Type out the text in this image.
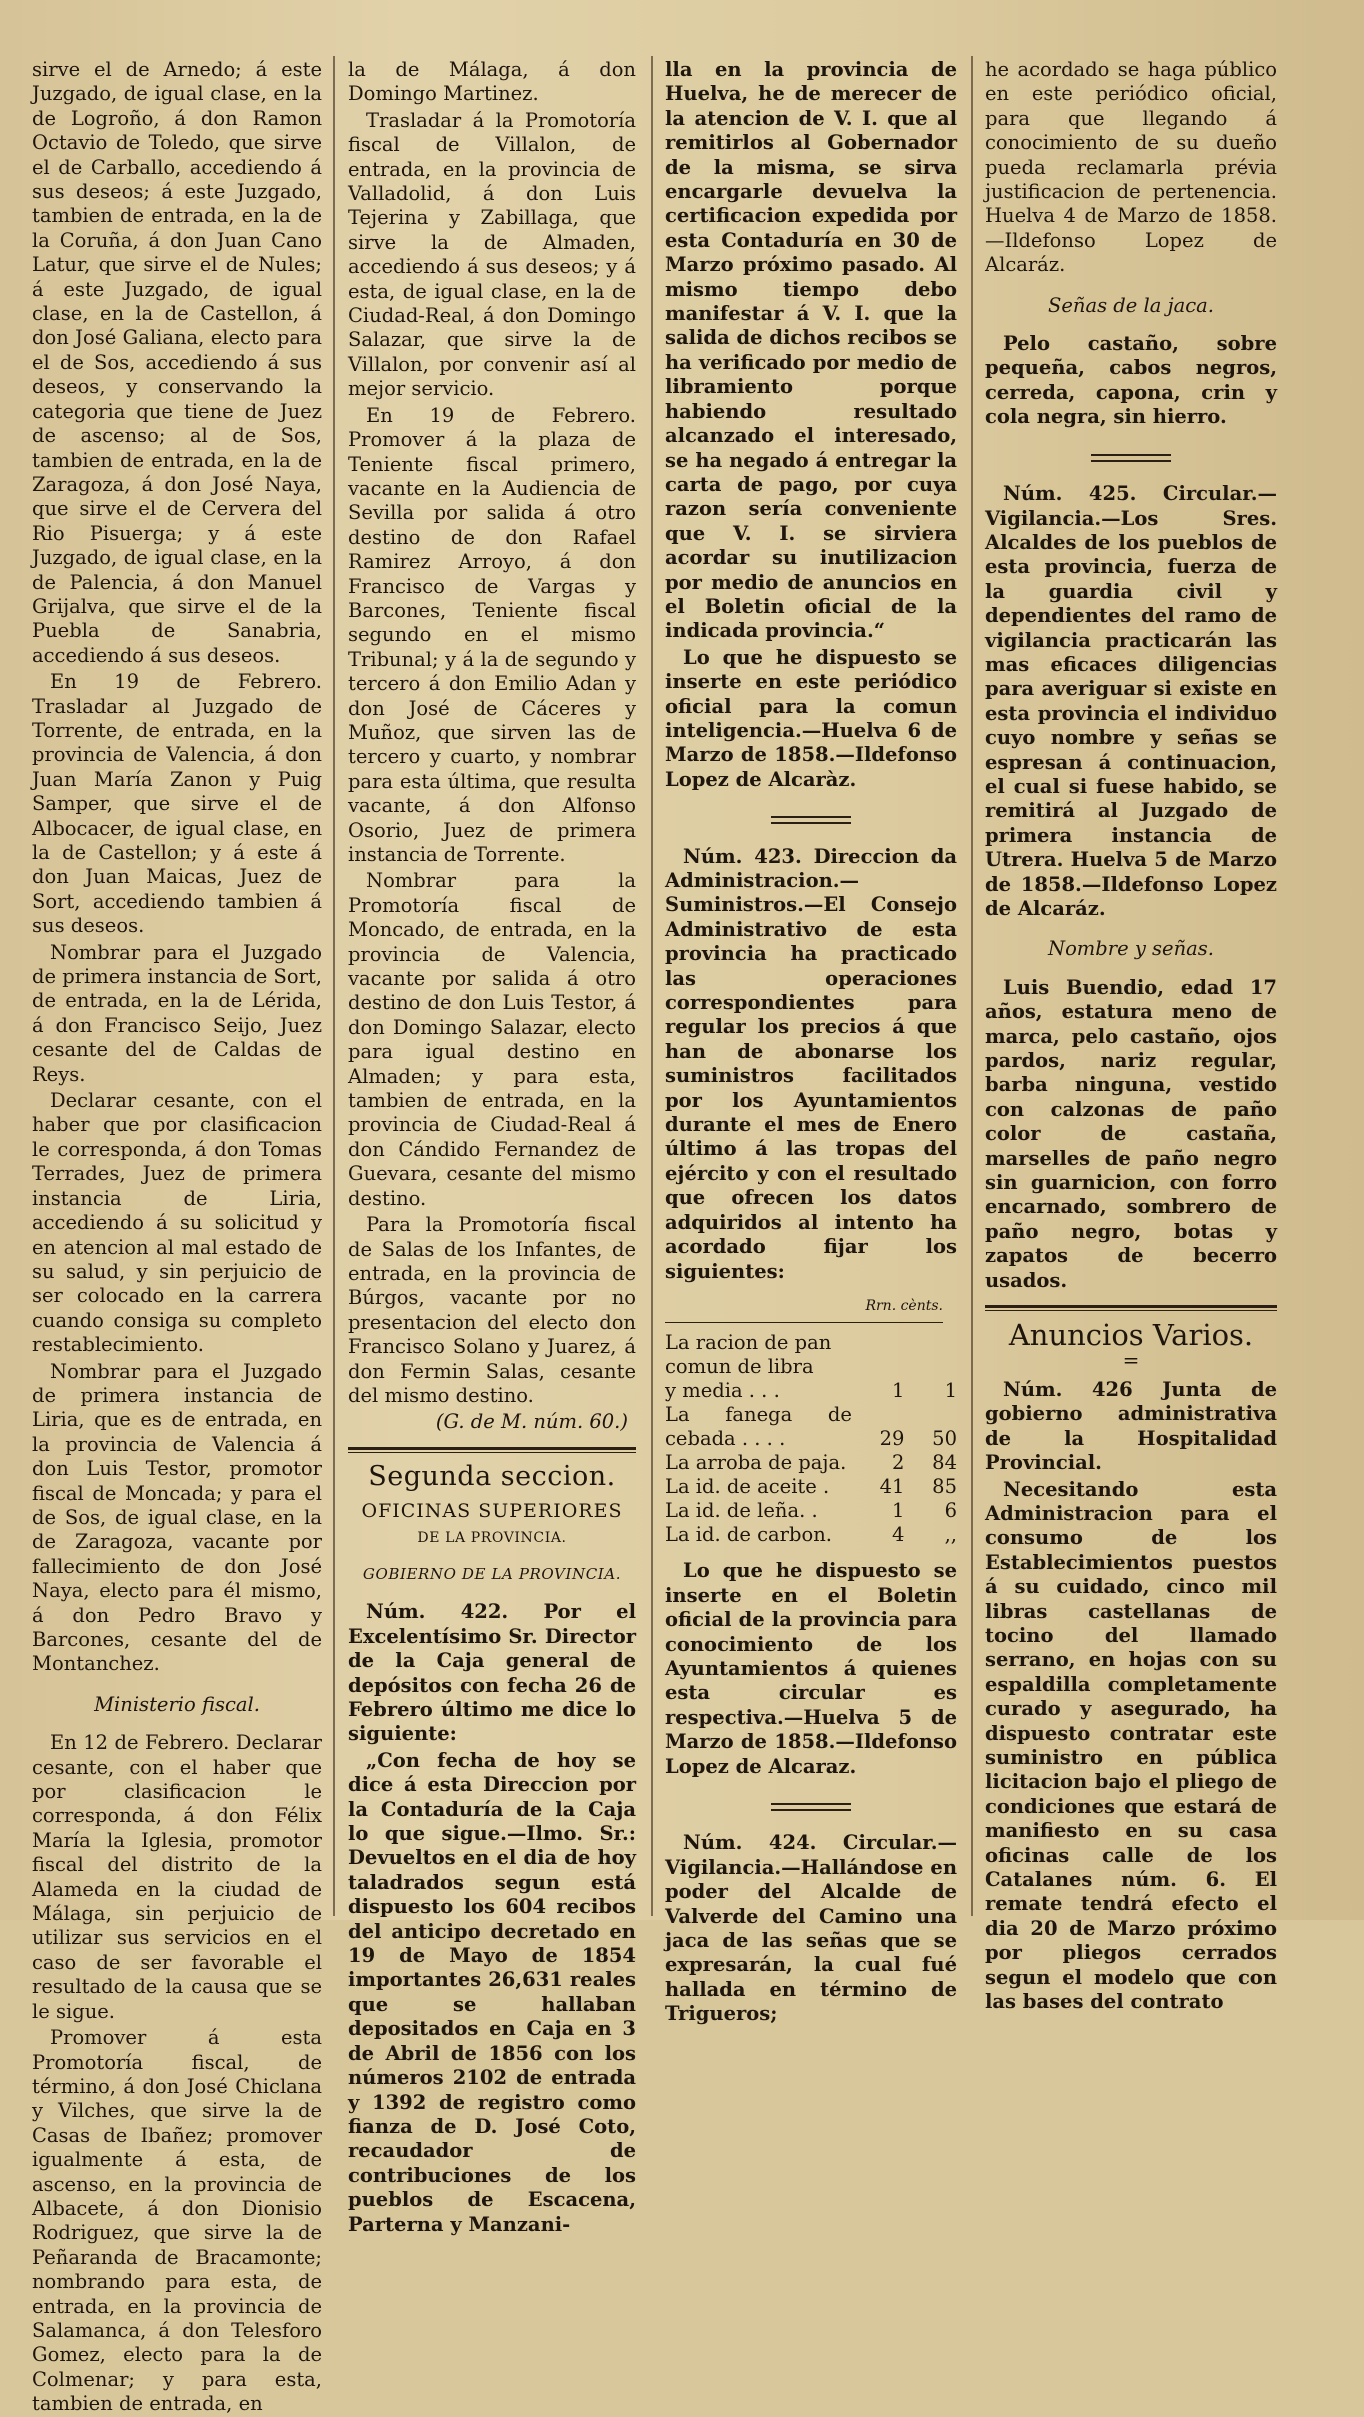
sirve el de Arnedo; á este Juzgado, de igual clase, en la de Logroño, á don Ramon Octavio de Toledo, que sirve el de Carballo, accediendo á sus deseos; á este Juzgado, tambien de entrada, en la de la Coruña, á don Juan Cano Latur, que sirve el de Nules; á este Juzgado, de igual clase, en la de Castellon, á don José Galiana, electo para el de Sos, accediendo á sus deseos, y conservando la categoria que tiene de Juez de ascenso; al de Sos, tambien de entrada, en la de Zaragoza, á don José Naya, que sirve el de Cervera del Rio Pisuerga; y á este Juzgado, de igual clase, en la de Palencia, á don Manuel Grijalva, que sirve el de la Puebla de Sanabria, accediendo á sus deseos.

En 19 de Febrero. Trasladar al Juzgado de Torrente, de entrada, en la provincia de Valencia, á don Juan María Zanon y Puig Samper, que sirve el de Albocacer, de igual clase, en la de Castellon; y á este á don Juan Maicas, Juez de Sort, accediendo tambien á sus deseos.

Nombrar para el Juzgado de primera instancia de Sort, de entrada, en la de Lérida, á don Francisco Seijo, Juez cesante del de Caldas de Reys.

Declarar cesante, con el haber que por clasificacion le corresponda, á don Tomas Terrades, Juez de primera instancia de Liria, accediendo á su solicitud y en atencion al mal estado de su salud, y sin perjuicio de ser colocado en la carrera cuando consiga su completo restablecimiento.

Nombrar para el Juzgado de primera instancia de Liria, que es de entrada, en la provincia de Valencia á don Luis Testor, promotor fiscal de Moncada; y para el de Sos, de igual clase, en la de Zaragoza, vacante por fallecimiento de don José Naya, electo para él mismo, á don Pedro Bravo y Barcones, cesante del de Montanchez.

Ministerio fiscal.

En 12 de Febrero. Declarar cesante, con el haber que por clasificacion le corresponda, á don Félix María la Iglesia, promotor fiscal del distrito de la Alameda en la ciudad de Málaga, sin perjuicio de utilizar sus servicios en el caso de ser favorable el resultado de la causa que se le sigue.

Promover á esta Promotoría fiscal, de término, á don José Chiclana y Vilches, que sirve la de Casas de Ibañez; promover igualmente á esta, de ascenso, en la provincia de Albacete, á don Dionisio Rodriguez, que sirve la de Peñaranda de Bracamonte; nombrando para esta, de entrada, en la provincia de Salamanca, á don Telesforo Gomez, electo para la de Colmenar; y para esta, tambien de entrada, en

la de Málaga, á don Domingo Martinez.

Trasladar á la Promotoría fiscal de Villalon, de entrada, en la provincia de Valladolid, á don Luis Tejerina y Zabillaga, que sirve la de Almaden, accediendo á sus deseos; y á esta, de igual clase, en la de Ciudad-Real, á don Domingo Salazar, que sirve la de Villalon, por convenir así al mejor servicio.

En 19 de Febrero. Promover á la plaza de Teniente fiscal primero, vacante en la Audiencia de Sevilla por salida á otro destino de don Rafael Ramirez Arroyo, á don Francisco de Vargas y Barcones, Teniente fiscal segundo en el mismo Tribunal; y á la de segundo y tercero á don Emilio Adan y don José de Cáceres y Muñoz, que sirven las de tercero y cuarto, y nombrar para esta última, que resulta vacante, á don Alfonso Osorio, Juez de primera instancia de Torrente.

Nombrar para la Promotoría fiscal de Moncado, de entrada, en la provincia de Valencia, vacante por salida á otro destino de don Luis Testor, á don Domingo Salazar, electo para igual destino en Almaden; y para esta, tambien de entrada, en la provincia de Ciudad-Real á don Cándido Fernandez de Guevara, cesante del mismo destino.

Para la Promotoría fiscal de Salas de los Infantes, de entrada, en la provincia de Búrgos, vacante por no presentacion del electo don Francisco Solano y Juarez, á don Fermin Salas, cesante del mismo destino.

(G. de M. núm. 60.)
Segunda seccion.
OFICINAS SUPERIORES
DE LA PROVINCIA.
GOBIERNO DE LA PROVINCIA.

Núm. 422. Por el Excelentísimo Sr. Director de la Caja general de depósitos con fecha 26 de Febrero último me dice lo siguiente:

„Con fecha de hoy se dice á esta Direccion por la Contaduría de la Caja lo que sigue.—Ilmo. Sr.: Devueltos en el dia de hoy taladrados segun está dispuesto los 604 recibos del anticipo decretado en 19 de Mayo de 1854 importantes 26,631 reales que se hallaban depositados en Caja en 3 de Abril de 1856 con los números 2102 de entrada y 1392 de registro como fianza de D. José Coto, recaudador de contribuciones de los pueblos de Escacena, Parterna y Manzani-

lla en la provincia de Huelva, he de merecer de la atencion de V. I. que al remitirlos al Gobernador de la misma, se sirva encargarle devuelva la certificacion expedida por esta Contaduría en 30 de Marzo próximo pasado. Al mismo tiempo debo manifestar á V. I. que la salida de dichos recibos se ha verificado por medio de libramiento porque habiendo resultado alcanzado el interesado, se ha negado á entregar la carta de pago, por cuya razon sería conveniente que V. I. se sirviera acordar su inutilizacion por medio de anuncios en el Boletin oficial de la indicada provincia.“

Lo que he dispuesto se inserte en este periódico oficial para la comun inteligencia.—Huelva 6 de Marzo de 1858.—Ildefonso Lopez de Alcaràz.

Núm. 423. Direccion da Administracion.—Suministros.—El Consejo Administrativo de esta provincia ha practicado las operaciones correspondientes para regular los precios á que han de abonarse los suministros facilitados por los Ayuntamientos durante el mes de Enero último á las tropas del ejército y con el resultado que ofrecen los datos adquiridos al intento ha acordado fijar los siguientes:

Rrn. cènts.
La racion de pan		
comun de libra		
y media . . .	1	1
La fanega de cebada . . . .	29	50
La arroba de paja.	2	84
La id. de aceite .	41	85
La id. de leña. .	1	6
La id. de carbon.	4	,,

Lo que he dispuesto se inserte en el Boletin oficial de la provincia para conocimiento de los Ayuntamientos á quienes esta circular es respectiva.—Huelva 5 de Marzo de 1858.—Ildefonso Lopez de Alcaraz.

Núm. 424. Circular.—Vigilancia.—Hallándose en poder del Alcalde de Valverde del Camino una jaca de las señas que se expresarán, la cual fué hallada en término de Trigueros;

he acordado se haga público en este periódico oficial, para que llegando á conocimiento de su dueño pueda reclamarla prévia justificacion de pertenencia. Huelva 4 de Marzo de 1858.—Ildefonso Lopez de Alcaráz.

Señas de la jaca.

Pelo castaño, sobre pequeña, cabos negros, cerreda, capona, crin y cola negra, sin hierro.

Núm. 425. Circular.—Vigilancia.—Los Sres. Alcaldes de los pueblos de esta provincia, fuerza de la guardia civil y dependientes del ramo de vigilancia practicarán las mas eficaces diligencias para averiguar si existe en esta provincia el individuo cuyo nombre y señas se espresan á continuacion, el cual si fuese habido, se remitirá al Juzgado de primera instancia de Utrera. Huelva 5 de Marzo de 1858.—Ildefonso Lopez de Alcaráz.

Nombre y señas.

Luis Buendio, edad 17 años, estatura meno de marca, pelo castaño, ojos pardos, nariz regular, barba ninguna, vestido con calzonas de paño color de castaña, marselles de paño negro sin guarnicion, con forro encarnado, sombrero de paño negro, botas y zapatos de becerro usados.

Anuncios Varios.
=

Núm. 426 Junta de gobierno administrativa de la Hospitalidad Provincial.

Necesitando esta Administracion para el consumo de los Establecimientos puestos á su cuidado, cinco mil libras castellanas de tocino del llamado serrano, en hojas con su espaldilla completamente curado y asegurado, ha dispuesto contratar este suministro en pública licitacion bajo el pliego de condiciones que estará de manifiesto en su casa oficinas calle de los Catalanes núm. 6. El remate tendrá efecto el dia 20 de Marzo próximo por pliegos cerrados segun el modelo que con las bases del contrato
